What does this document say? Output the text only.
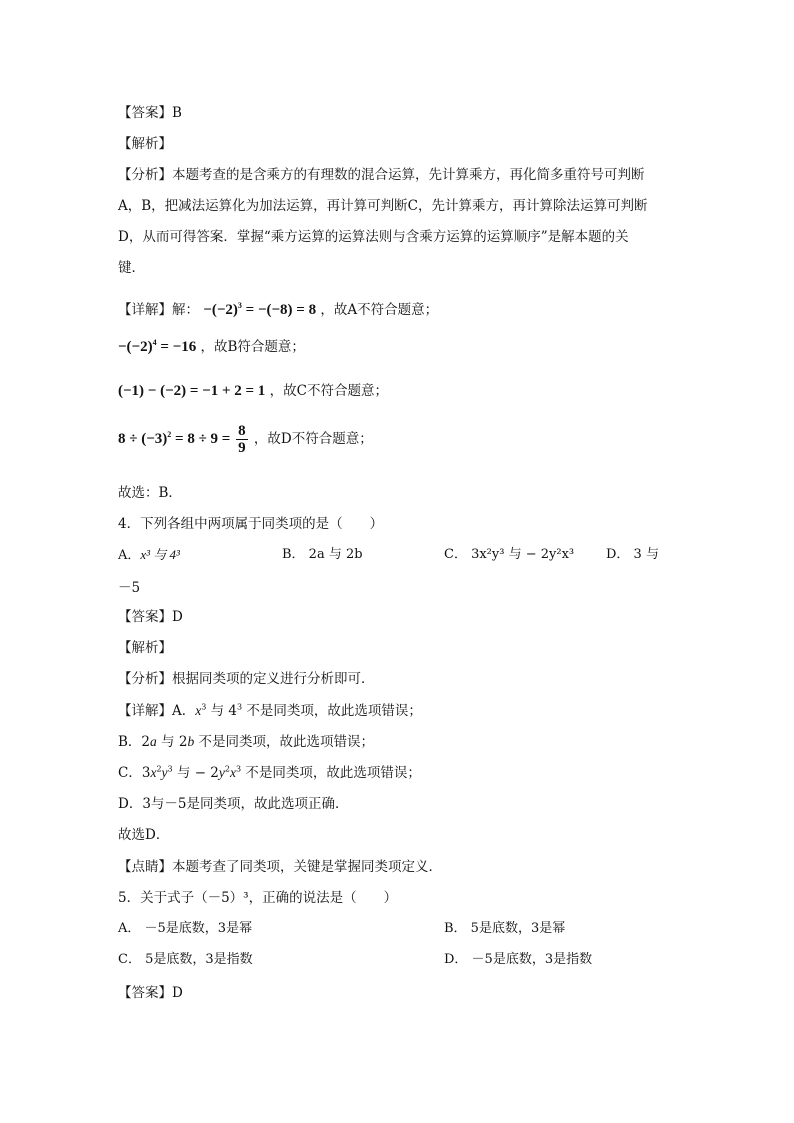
【答案】B
【解析】
【分析】本题考查的是含乘方的有理数的混合运算，先计算乘方，再化简多重符号可判断
A，B，把减法运算化为加法运算，再计算可判断C，先计算乘方，再计算除法运算可判断
D，从而可得答案．掌握“乘方运算的运算法则与含乘方运算的运算顺序”是解本题的关
键．
【详解】解： $-(-2)^3 = -(-8) = 8$ ，故A不符合题意；
$-(-2)^4 = -16$ ，故B符合题意；
(−1) − (−2) = −1 + 2 = 1 ，故C不符合题意；
$8 \div (-3)^2 = 8 \div 9 = \frac{8}{9}$ ，故D不符合题意；
故选：B．
4．下列各组中两项属于同类项的是（　　）
A．x³ 与 4³	B． 2a 与 2b	C． 3x²y³ 与 − 2y²x³ D． 3 与
－5
【答案】D
【解析】
【分析】根据同类项的定义进行分析即可．
【详解】A．$x^3$ 与 $4^3$ 不是同类项，故此选项错误；
B．2a 与 2b 不是同类项，故此选项错误；
C．$3x^2y^3$ 与 − $2y^2x^3$ 不是同类项，故此选项错误；
D．3与－5是同类项，故此选项正确．
故选D．
【点睛】本题考查了同类项，关键是掌握同类项定义．
5．关于式子（－5）³，正确的说法是（　　）
A． －5是底数，3是幂	B． 5是底数，3是幂
C． 5是底数，3是指数	D． －5是底数，3是指数
【答案】D
